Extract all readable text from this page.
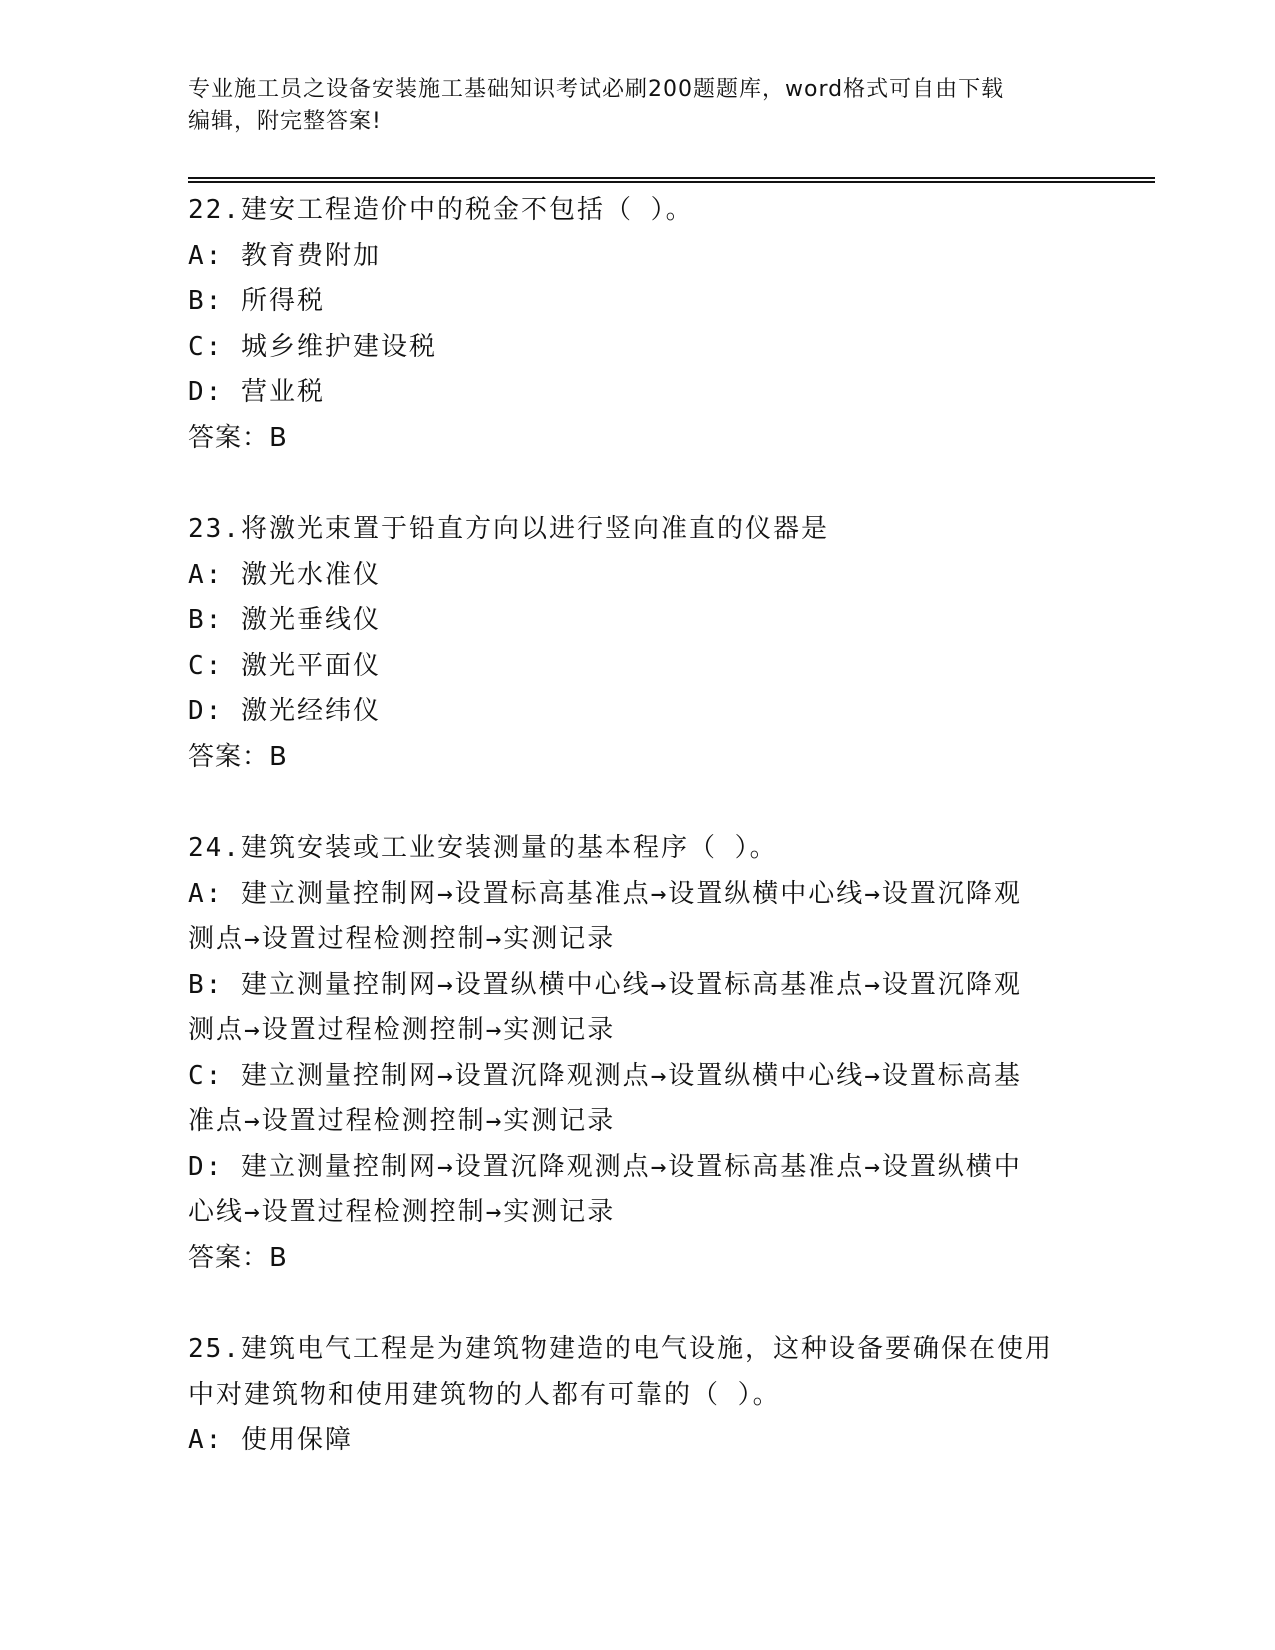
专业施工员之设备安装施工基础知识考试必刷200题题库，word格式可自由下载
编辑，附完整答案!
22.建安工程造价中的税金不包括（ ）。
A: 教育费附加
B: 所得税
C: 城乡维护建设税
D: 营业税
答案：B
23.将激光束置于铅直方向以进行竖向准直的仪器是
A: 激光水准仪
B: 激光垂线仪
C: 激光平面仪
D: 激光经纬仪
答案：B
24.建筑安装或工业安装测量的基本程序（ ）。
A: 建立测量控制网→设置标高基准点→设置纵横中心线→设置沉降观
测点→设置过程检测控制→实测记录
B: 建立测量控制网→设置纵横中心线→设置标高基准点→设置沉降观
测点→设置过程检测控制→实测记录
C: 建立测量控制网→设置沉降观测点→设置纵横中心线→设置标高基
准点→设置过程检测控制→实测记录
D: 建立测量控制网→设置沉降观测点→设置标高基准点→设置纵横中
心线→设置过程检测控制→实测记录
答案：B
25.建筑电气工程是为建筑物建造的电气设施，这种设备要确保在使用
中对建筑物和使用建筑物的人都有可靠的（ ）。
A: 使用保障
